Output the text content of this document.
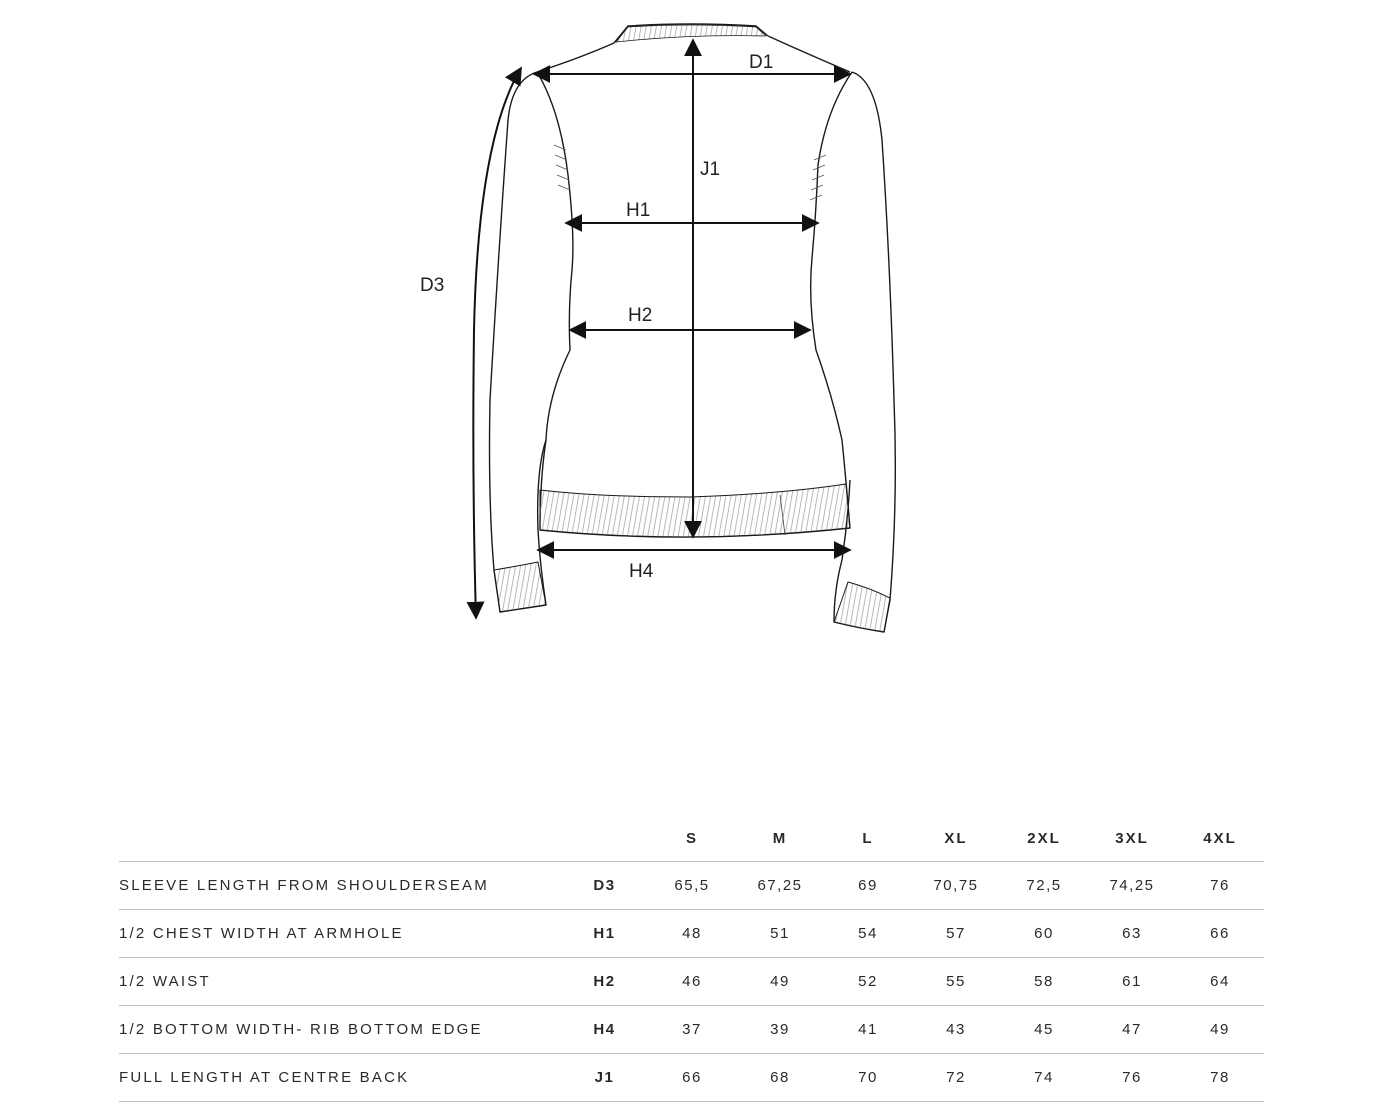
D1
J1
H1
H2
H4
D3
		S	M	L	XL	2XL	3XL	4XL
SLEEVE LENGTH FROM SHOULDERSEAM	D3	65,5	67,25	69	70,75	72,5	74,25	76
1/2 CHEST WIDTH AT ARMHOLE	H1	48	51	54	57	60	63	66
1/2 WAIST	H2	46	49	52	55	58	61	64
1/2 BOTTOM WIDTH- RIB BOTTOM EDGE	H4	37	39	41	43	45	47	49
FULL LENGTH AT CENTRE BACK	J1	66	68	70	72	74	76	78
